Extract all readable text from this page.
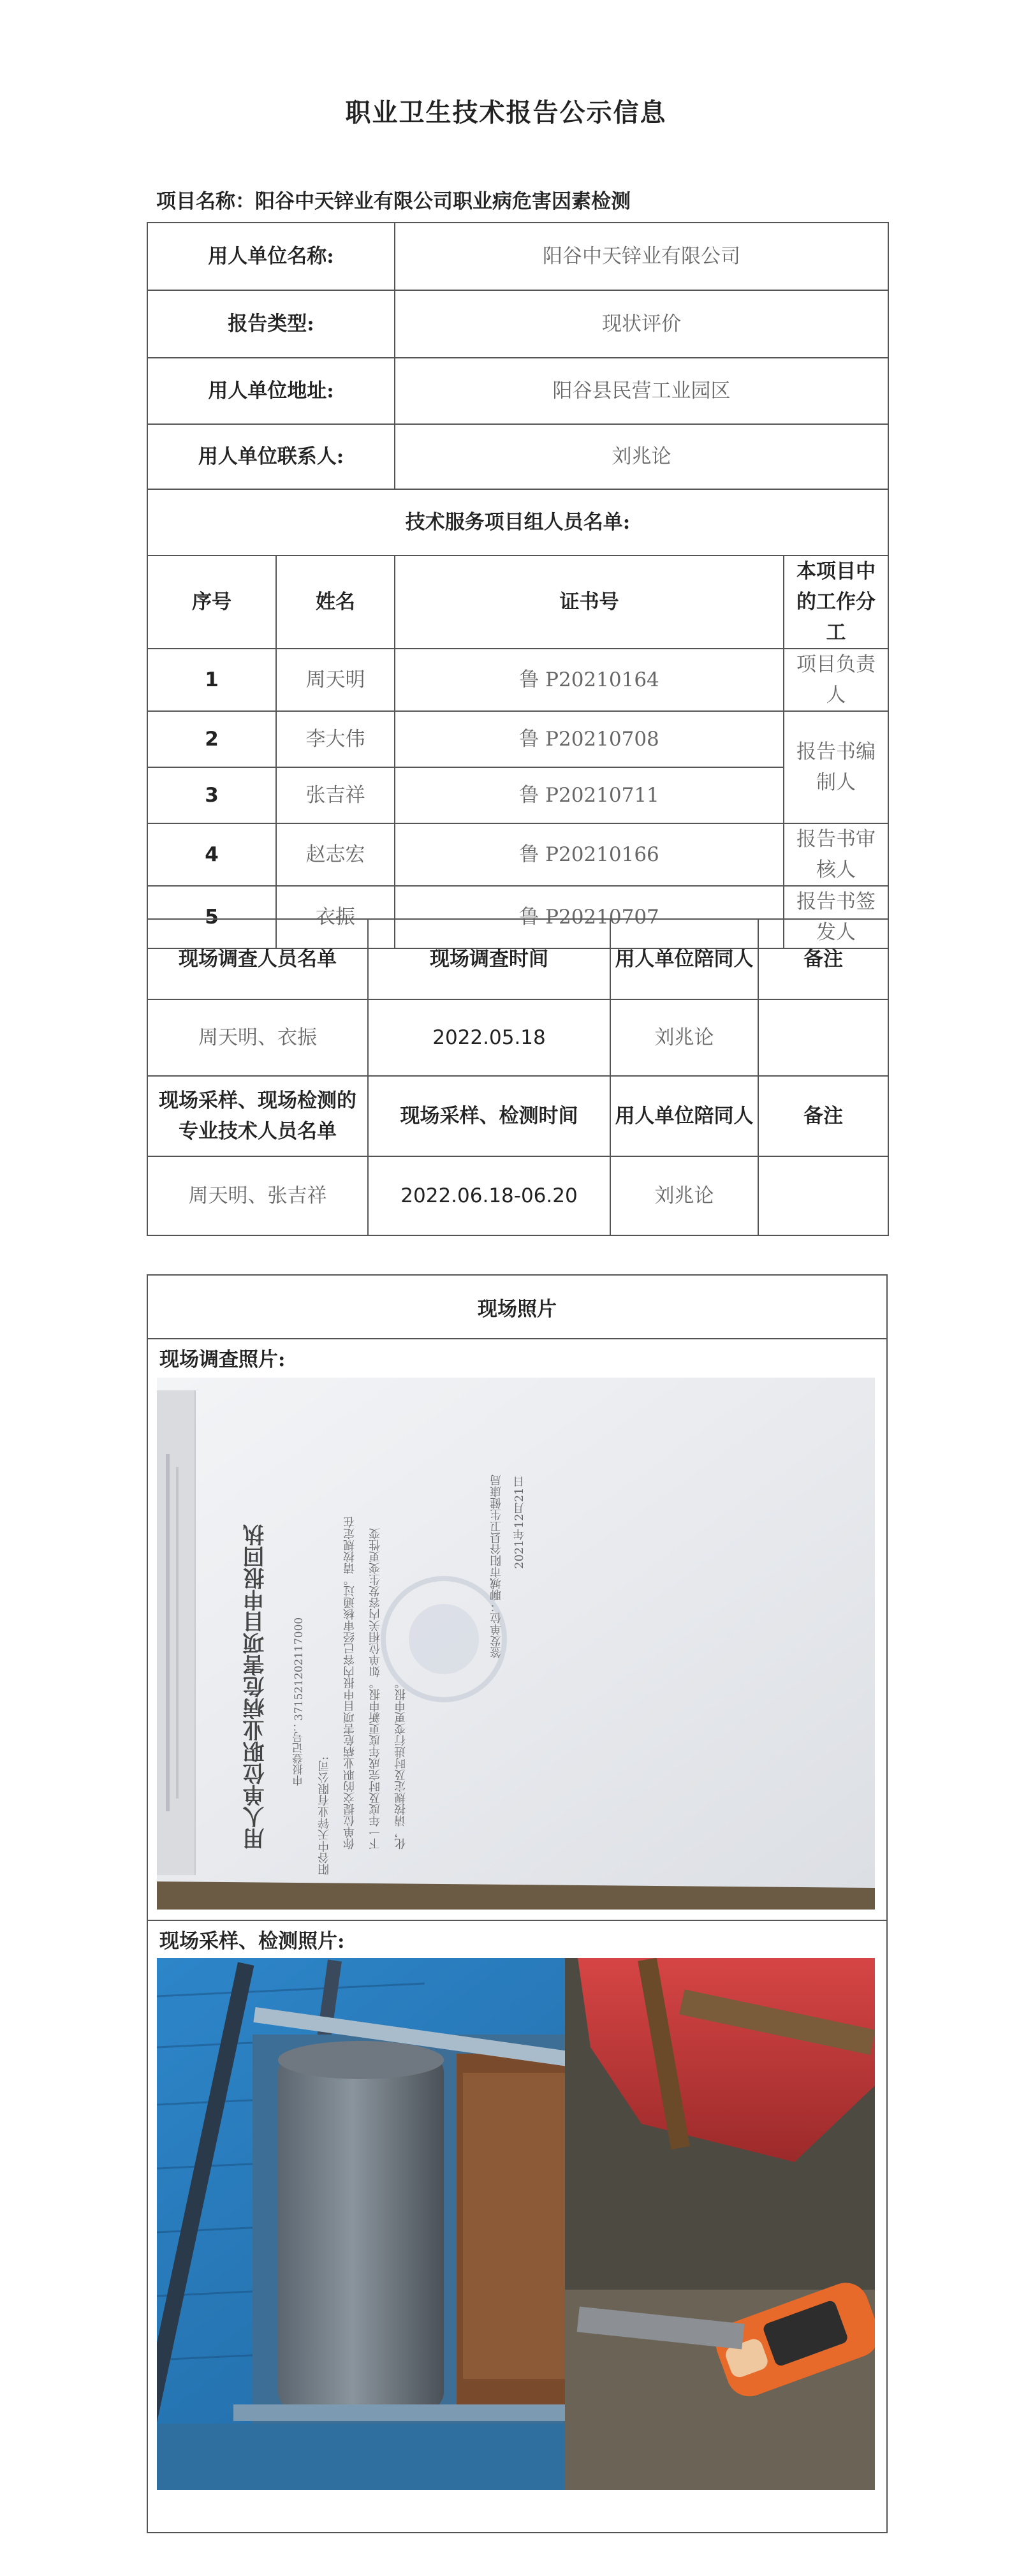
职业卫生技术报告公示信息
项目名称：阳谷中天锌业有限公司职业病危害因素检测
用人单位名称:		阳谷中天锌业有限公司	
报告类型:		现状评价	
用人单位地址:		阳谷县民营工业园区	
用人单位联系人:		刘兆论	
技术服务项目组人员名单:			
序号	姓名	证书号	本项目中的工作分工
1	周天明	鲁 P20210164	项目负责人
2	李大伟	鲁 P20210708	报告书编制人
3	张吉祥	鲁 P20210711	
4	赵志宏	鲁 P20210166	报告书审核人
5	衣振	鲁 P20210707	报告书签发人
现场调查人员名单	现场调查时间	用人单位陪同人	备注
周天明、衣振	2022.05.18	刘兆论	
现场采样、现场检测的专业技术人员名单	现场采样、检测时间	用人单位陪同人	备注
周天明、张吉祥	2022.06.18-06.20	刘兆论	
现场照片
现场调查照片:
用人单位职业病危害项目申报回执	申报登记号：371521202117000
阳谷中天锌业有限公司:	你单位提交的职业病危害项目申报内容已经审核通过。请按规定在	下一年度及时完成年度更新申报。如单位相关内容发生变更性变	化，请按规定及时进行变更申报。
签发单位：聊城市阳谷县卫生健康局 2021年12月21日
现场采样、检测照片:
